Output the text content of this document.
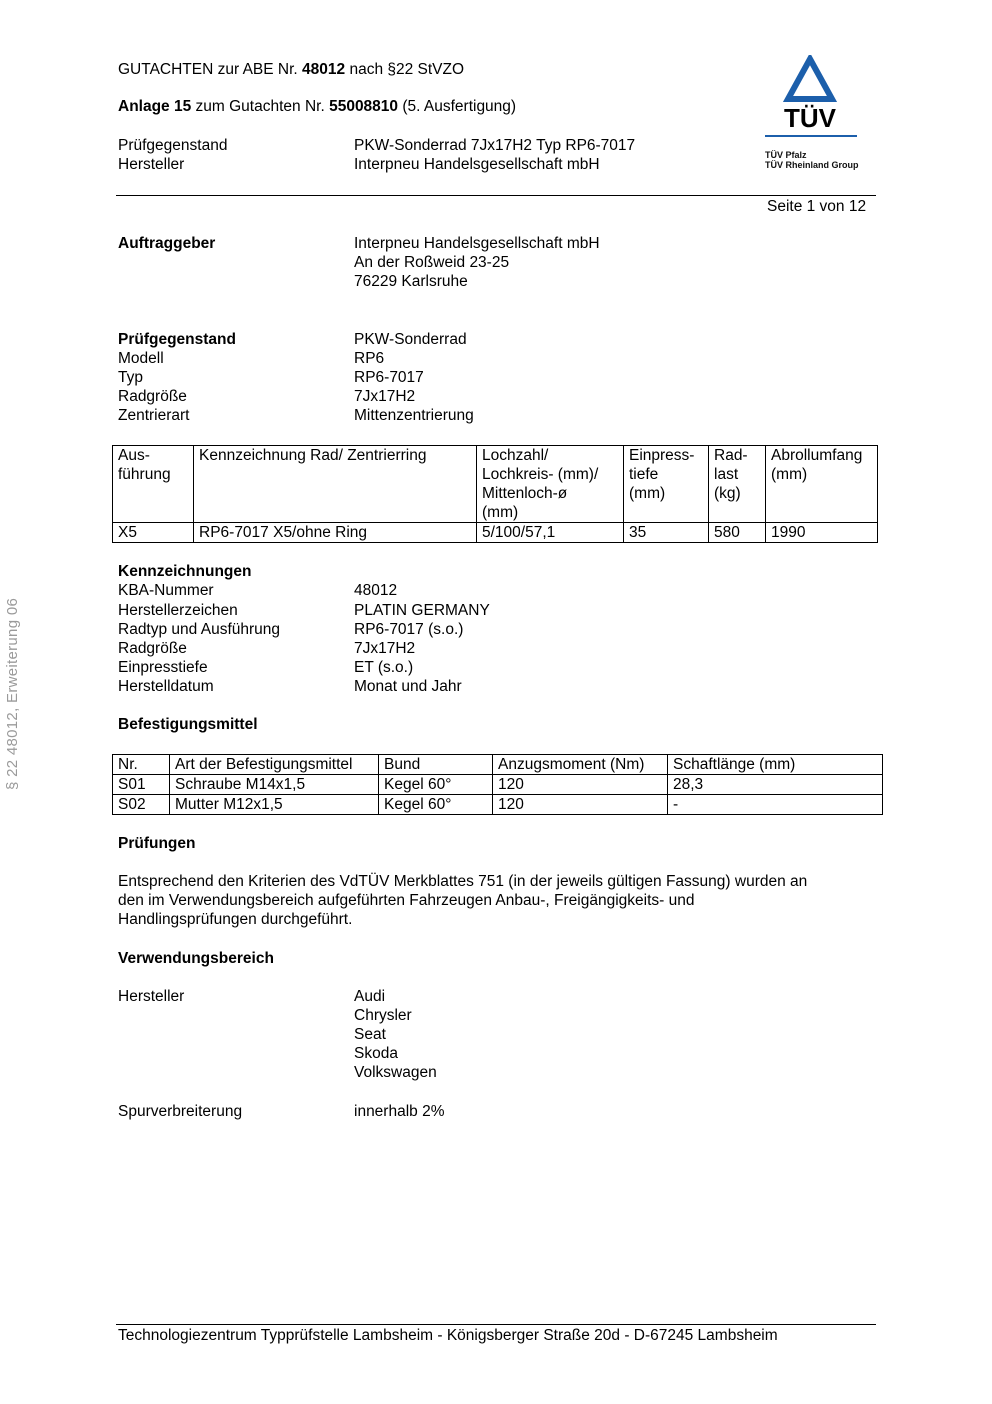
§ 22 48012, Erweiterung 06
GUTACHTEN zur ABE Nr. 48012 nach §22 StVZO
Anlage 15 zum Gutachten Nr. 55008810 (5. Ausfertigung)
Prüfgegenstand	PKW-Sonderrad 7Jx17H2 Typ RP6-7017
Hersteller	Interpneu Handelsgesellschaft mbH
TÜV
TÜV Pfalz
TÜV Rheinland Group
Seite 1 von 12
Auftraggeber	Interpneu Handelsgesellschaft mbH
An der Roßweid 23-25
76229 Karlsruhe
Prüfgegenstand	PKW-Sonderrad
Modell	RP6
Typ	RP6-7017
Radgröße	7Jx17H2
Zentrierart	Mittenzentrierung
Aus-
führung	Kennzeichnung Rad/ Zentrierring	Lochzahl/
Lochkreis- (mm)/
Mittenloch-ø
(mm)	Einpress-
tiefe
(mm)	Rad-
last
(kg)	Abrollumfang
(mm)
X5	RP6-7017 X5/ohne Ring	5/100/57,1	35	580	1990
Kennzeichnungen
KBA-Nummer	48012
Herstellerzeichen	PLATIN GERMANY
Radtyp und Ausführung	RP6-7017 (s.o.)
Radgröße	7Jx17H2
Einpresstiefe	ET (s.o.)
Herstelldatum	Monat und Jahr
Befestigungsmittel
Nr.	Art der Befestigungsmittel	Bund	Anzugsmoment (Nm)	Schaftlänge (mm)
S01	Schraube M14x1,5	Kegel 60°	120	28,3
S02	Mutter M12x1,5	Kegel 60°	120	-
Prüfungen
Entsprechend den Kriterien des VdTÜV Merkblattes 751 (in der jeweils gültigen Fassung) wurden an
den im Verwendungsbereich aufgeführten Fahrzeugen Anbau-, Freigängigkeits- und
Handlingsprüfungen durchgeführt.
Verwendungsbereich
Hersteller	Audi
Chrysler
Seat
Skoda
Volkswagen
Spurverbreiterung	innerhalb 2%
Technologiezentrum Typprüfstelle Lambsheim - Königsberger Straße 20d - D-67245 Lambsheim
